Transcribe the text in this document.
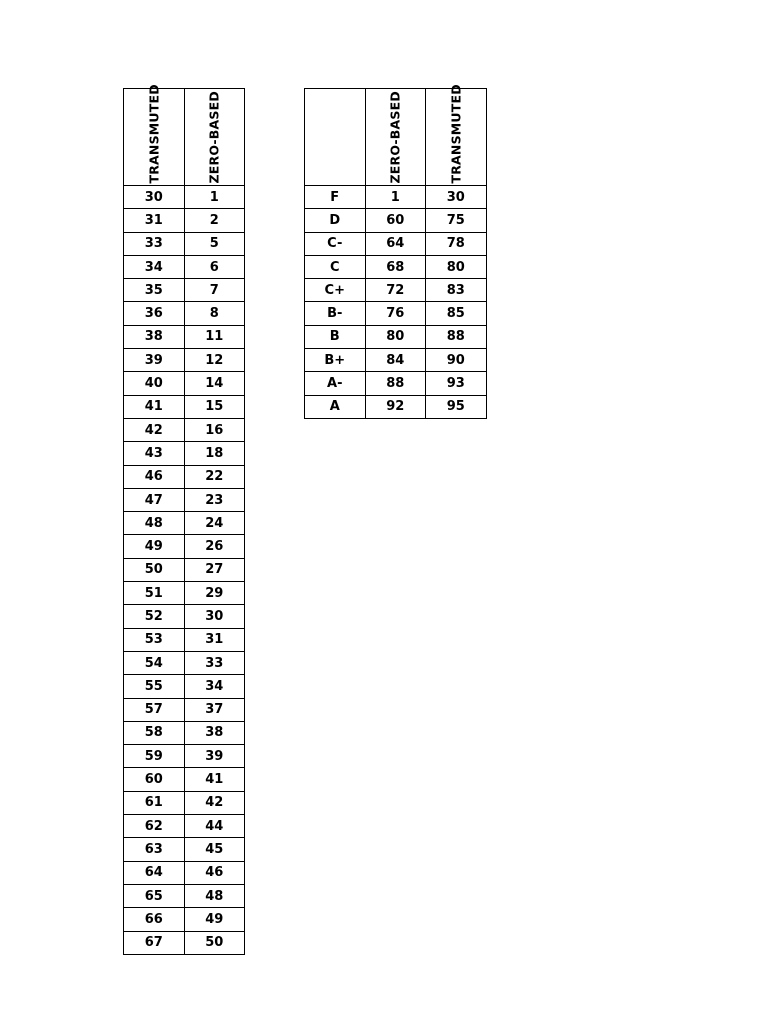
TRANSMUTED	ZERO-BASED

30	1
31	2
33	5
34	6
35	7
36	8
38	11
39	12
40	14
41	15
42	16
43	18
46	22
47	23
48	24
49	26
50	27
51	29
52	30
53	31
54	33
55	34
57	37
58	38
59	39
60	41
61	42
62	44
63	45
64	46
65	48
66	49
67	50

	ZERO-BASED	TRANSMUTED

F	1	30
D	60	75
C-	64	78
C	68	80
C+	72	83
B-	76	85
B	80	88
B+	84	90
A-	88	93
A	92	95
